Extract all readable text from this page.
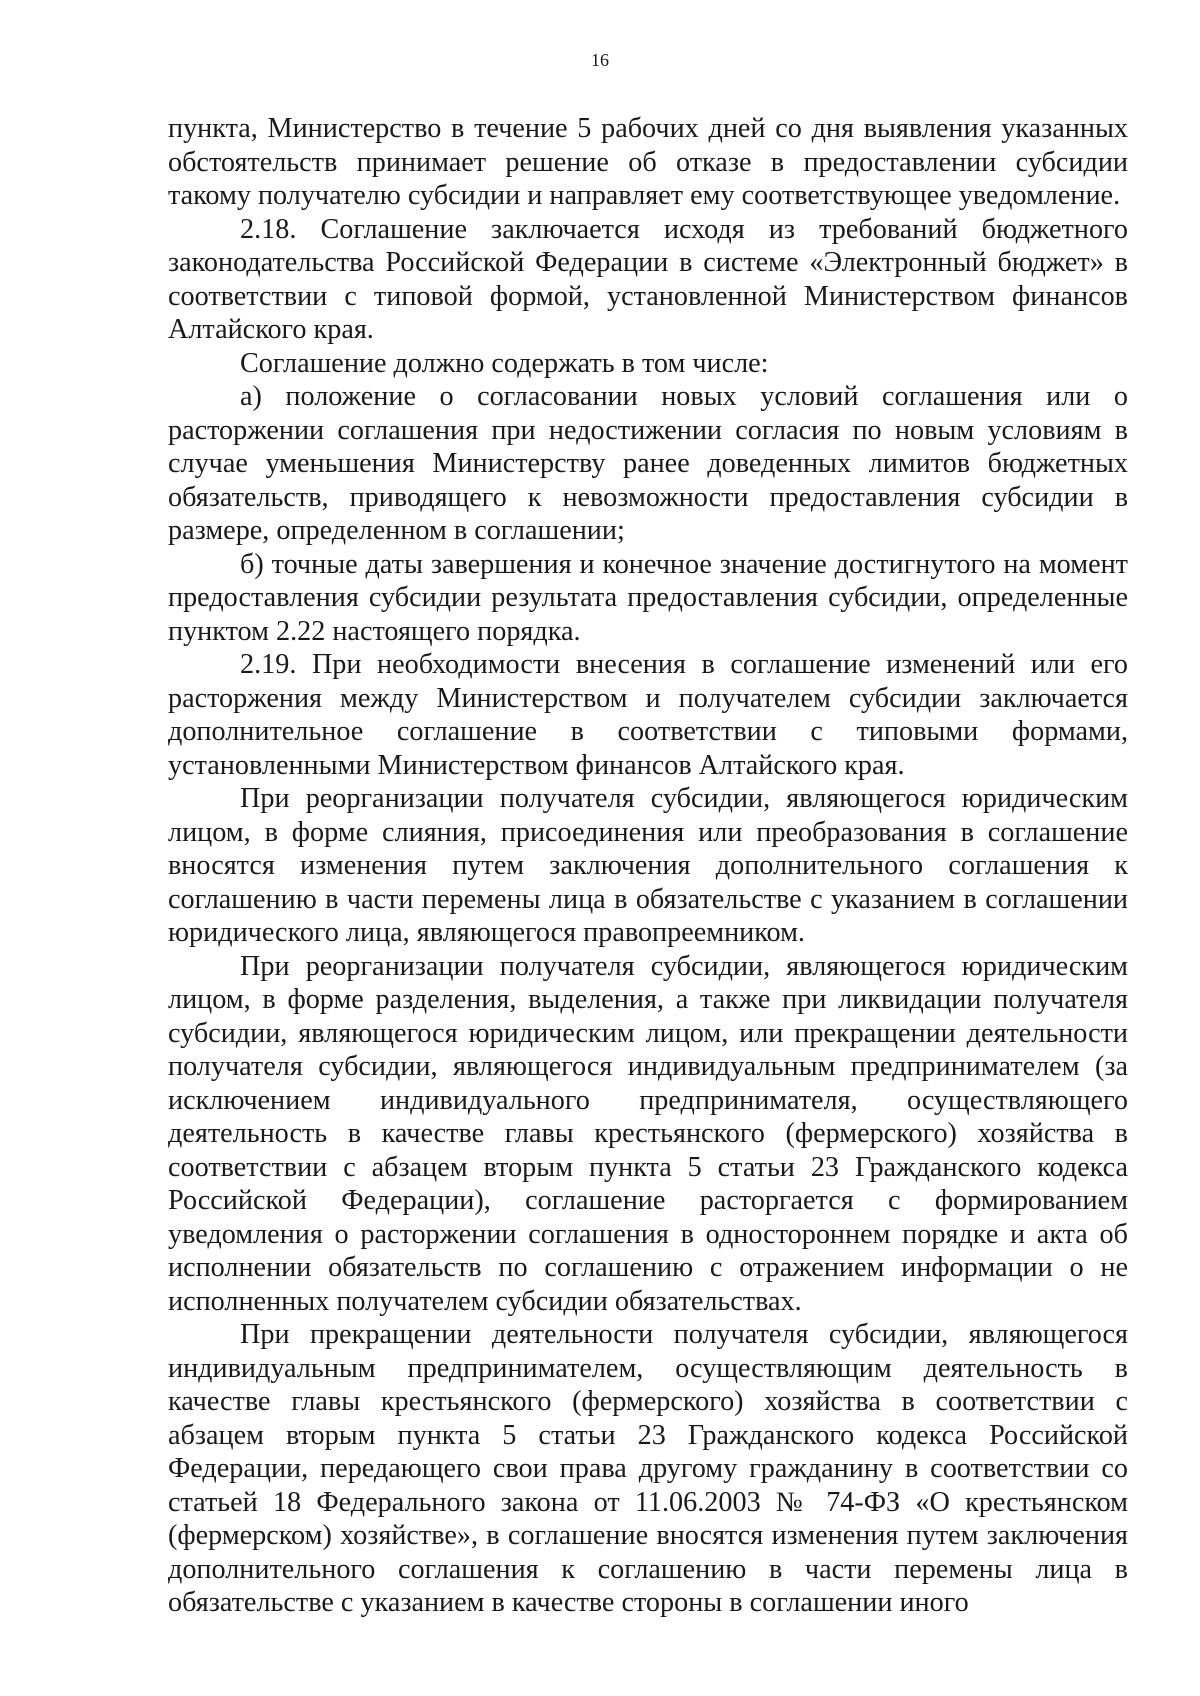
16

пункта, Министерство в течение 5 рабочих дней со дня выявления указанных обстоятельств принимает решение об отказе в предоставлении субсидии такому получателю субсидии и направляет ему соответствующее уведомление.

2.18. Соглашение заключается исходя из требований бюджетного законодательства Российской Федерации в системе «Электронный бюджет» в соответствии с типовой формой, установленной Министерством финансов Алтайского края.

Соглашение должно содержать в том числе:

а) положение о согласовании новых условий соглашения или о расторжении соглашения при недостижении согласия по новым условиям в случае уменьшения Министерству ранее доведенных лимитов бюджетных обязательств, приводящего к невозможности предоставления субсидии в размере, определенном в соглашении;

б) точные даты завершения и конечное значение достигнутого на момент предоставления субсидии результата предоставления субсидии, определенные пунктом 2.22 настоящего порядка.

2.19. При необходимости внесения в соглашение изменений или его расторжения между Министерством и получателем субсидии заключается дополнительное соглашение в соответствии с типовыми формами, установленными Министерством финансов Алтайского края.

При реорганизации получателя субсидии, являющегося юридическим лицом, в форме слияния, присоединения или преобразования в соглашение вносятся изменения путем заключения дополнительного соглашения к соглашению в части перемены лица в обязательстве с указанием в соглашении юридического лица, являющегося правопреемником.

При реорганизации получателя субсидии, являющегося юридическим лицом, в форме разделения, выделения, а также при ликвидации получателя субсидии, являющегося юридическим лицом, или прекращении деятельности получателя субсидии, являющегося индивидуальным предпринимателем (за исключением индивидуального предпринимателя, осуществляющего деятельность в качестве главы крестьянского (фермерского) хозяйства в соответствии с абзацем вторым пункта 5 статьи 23 Гражданского кодекса Российской Федерации), соглашение расторгается с формированием уведомления о расторжении соглашения в одностороннем порядке и акта об исполнении обязательств по соглашению с отражением информации о не исполненных получателем субсидии обязательствах.

При прекращении деятельности получателя субсидии, являющегося индивидуальным предпринимателем, осуществляющим деятельность в качестве главы крестьянского (фермерского) хозяйства в соответствии с абзацем вторым пункта 5 статьи 23 Гражданского кодекса Российской Федерации, передающего свои права другому гражданину в соответствии со статьей 18 Федерального закона от 11.06.2003 № 74-ФЗ «О крестьянском (фермерском) хозяйстве», в соглашение вносятся изменения путем заключения дополнительного соглашения к соглашению в части перемены лица в обязательстве с указанием в качестве стороны в соглашении иного
